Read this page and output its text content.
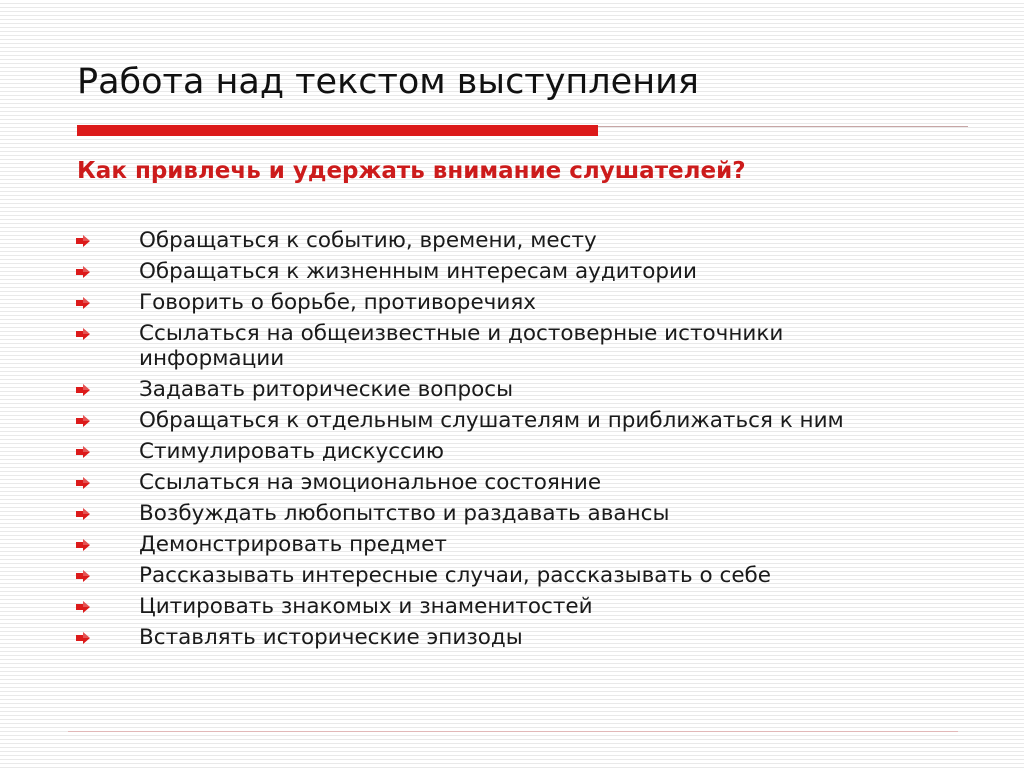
Работа над текстом выступления
Как привлечь и удержать внимание слушателей?
Обращаться к событию, времени, месту
Обращаться к жизненным интересам аудитории
Говорить о борьбе, противоречиях
Ссылаться на общеизвестные и достоверные источники информации
Задавать риторические вопросы
Обращаться к отдельным слушателям и приближаться к ним
Стимулировать дискуссию
Ссылаться на эмоциональное состояние
Возбуждать любопытство и раздавать авансы
Демонстрировать предмет
Рассказывать интересные случаи, рассказывать о себе
Цитировать знакомых и знаменитостей
Вставлять исторические эпизоды
